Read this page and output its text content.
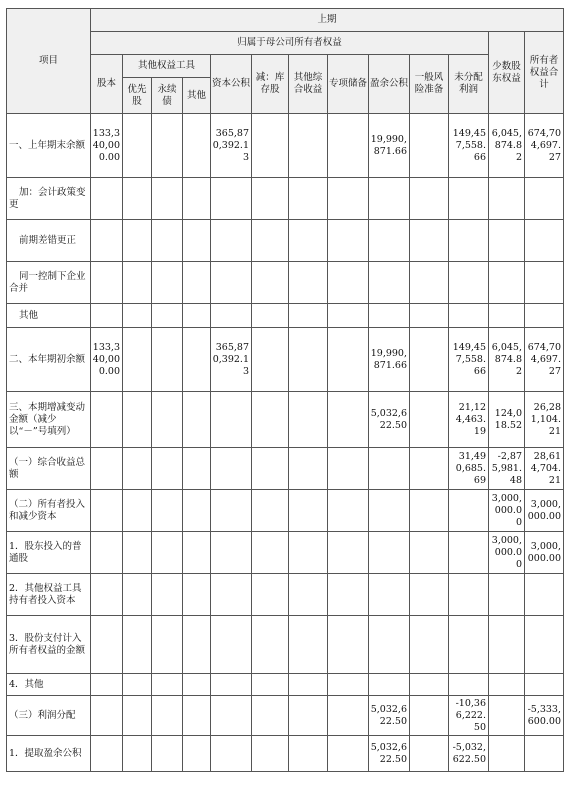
项目	上期												
	归属于母公司所有者权益											少数股东权益	所有者权益合计
	股本	其他权益工具			资本公积	减：库存股	其他综合收益	专项储备	盈余公积	一般风险准备	未分配利润		
		优先股	永续债	其他									
一、上年期末余额	133,340,000.00				365,870,392.13				19,990,871.66		149,457,558.66	6,045,874.82	674,704,697.27
加：会计政策变更													
前期差错更正													
同一控制下企业合并													
其他													
二、本年期初余额	133,340,000.00				365,870,392.13				19,990,871.66		149,457,558.66	6,045,874.82	674,704,697.27
三、本期增减变动金额（减少以“－”号填列）									5,032,622.50		21,124,463.19	124,018.52	26,281,104.21
（一）综合收益总额											31,490,685.69	-2,875,981.48	28,614,704.21
（二）所有者投入和减少资本												3,000,000.00	3,000,000.00
1．股东投入的普通股												3,000,000.00	3,000,000.00
2．其他权益工具持有者投入资本													
3．股份支付计入所有者权益的金额													
4．其他													
（三）利润分配									5,032,622.50		-10,366,222.50		-5,333,600.00
1．提取盈余公积									5,032,622.50		-5,032,622.50		
